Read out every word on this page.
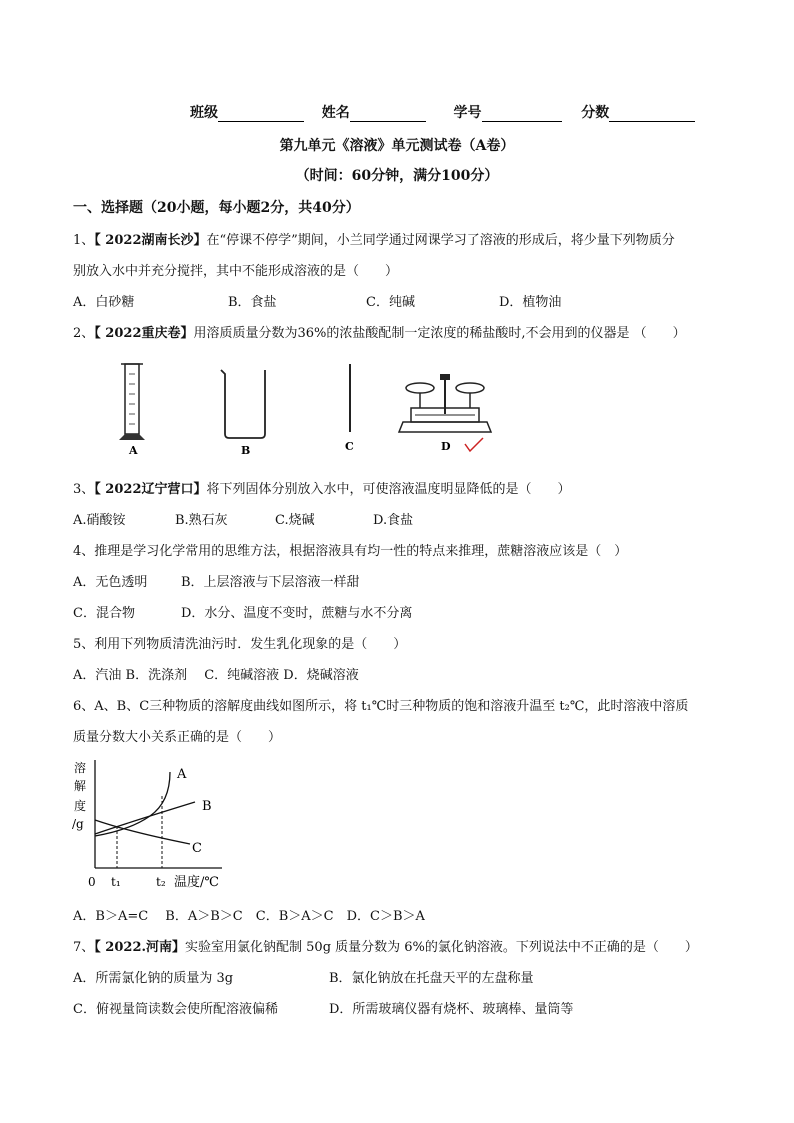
班级	姓名	学号	分数
第九单元《溶液》单元测试卷（A卷）
（时间：60分钟，满分100分）
一、选择题（20小题，每小题2分，共40分）
1、【 2022湖南长沙】在“停课不停学”期间，小兰同学通过网课学习了溶液的形成后，将少量下列物质分
别放入水中并充分搅拌，其中不能形成溶液的是（　　）
A．白砂糖	B．食盐	C．纯碱	D．植物油
2、【 2022重庆卷】用溶质质量分数为36%的浓盐酸配制一定浓度的稀盐酸时,不会用到的仪器是 （　　）
A	B	C	D
3、【 2022辽宁营口】将下列固体分别放入水中，可使溶液温度明显降低的是（　　）
A.硝酸铵	B.熟石灰	C.烧碱	D.食盐
4、推理是学习化学常用的思维方法，根据溶液具有均一性的特点来推理，蔗糖溶液应该是（　）
A．无色透明	B．上层溶液与下层溶液一样甜
C．混合物	D．水分、温度不变时，蔗糖与水不分离
5、利用下列物质清洗油污时．发生乳化现象的是（　　）
A．汽油 B．洗涤剂　 C．纯碱溶液 D．烧碱溶液
6、A、B、C三种物质的溶解度曲线如图所示，将 t₁℃时三种物质的饱和溶液升温至 t₂℃，此时溶液中溶质
质量分数大小关系正确的是（　　）
溶
解
度
/g
A
B
C
0 t₁	t₂ 温度/℃
A．B＞A=C　 B．A＞B＞C　C．B＞A＞C　D．C＞B＞A
7、【 2022.河南】实验室用氯化钠配制 50g 质量分数为 6%的氯化钠溶液。下列说法中不正确的是（　　）
A．所需氯化钠的质量为 3g	B．氯化钠放在托盘天平的左盘称量
C．俯视量筒读数会使所配溶液偏稀	D．所需玻璃仪器有烧杯、玻璃棒、量筒等
